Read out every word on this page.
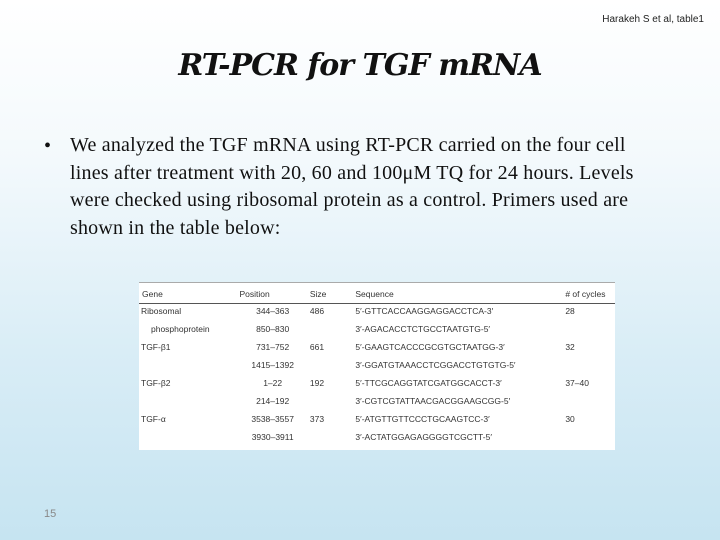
Harakeh S et al, table1
RT-PCR for TGF mRNA
• We analyzed the TGF mRNA using RT-PCR carried on the four cell lines after treatment with 20, 60 and 100μM TQ for 24 hours. Levels were checked using ribosomal protein as a control. Primers used are shown in the table below:
Gene	Position	Size	Sequence	# of cycles
Ribosomal	344–363	486	5′-GTTCACCAAGGAGGACCTCA-3′	28
phosphoprotein	850–830		3′-AGACACCTCTGCCTAATGTG-5′	
TGF-β1	731–752	661	5′-GAAGTCACCCGCGTGCTAATGG-3′	32
	1415–1392		3′-GGATGTAAACCTCGGACCTGTGTG-5′	
TGF-β2	1–22	192	5′-TTCGCAGGTATCGATGGCACCT-3′	37–40
	214–192		3′-CGTCGTATTAACGACGGAAGCGG-5′	
TGF-α	3538–3557	373	5′-ATGTTGTTCCCTGCAAGTCC-3′	30
	3930–3911		3′-ACTATGGAGAGGGGTCGCTT-5′	
15
